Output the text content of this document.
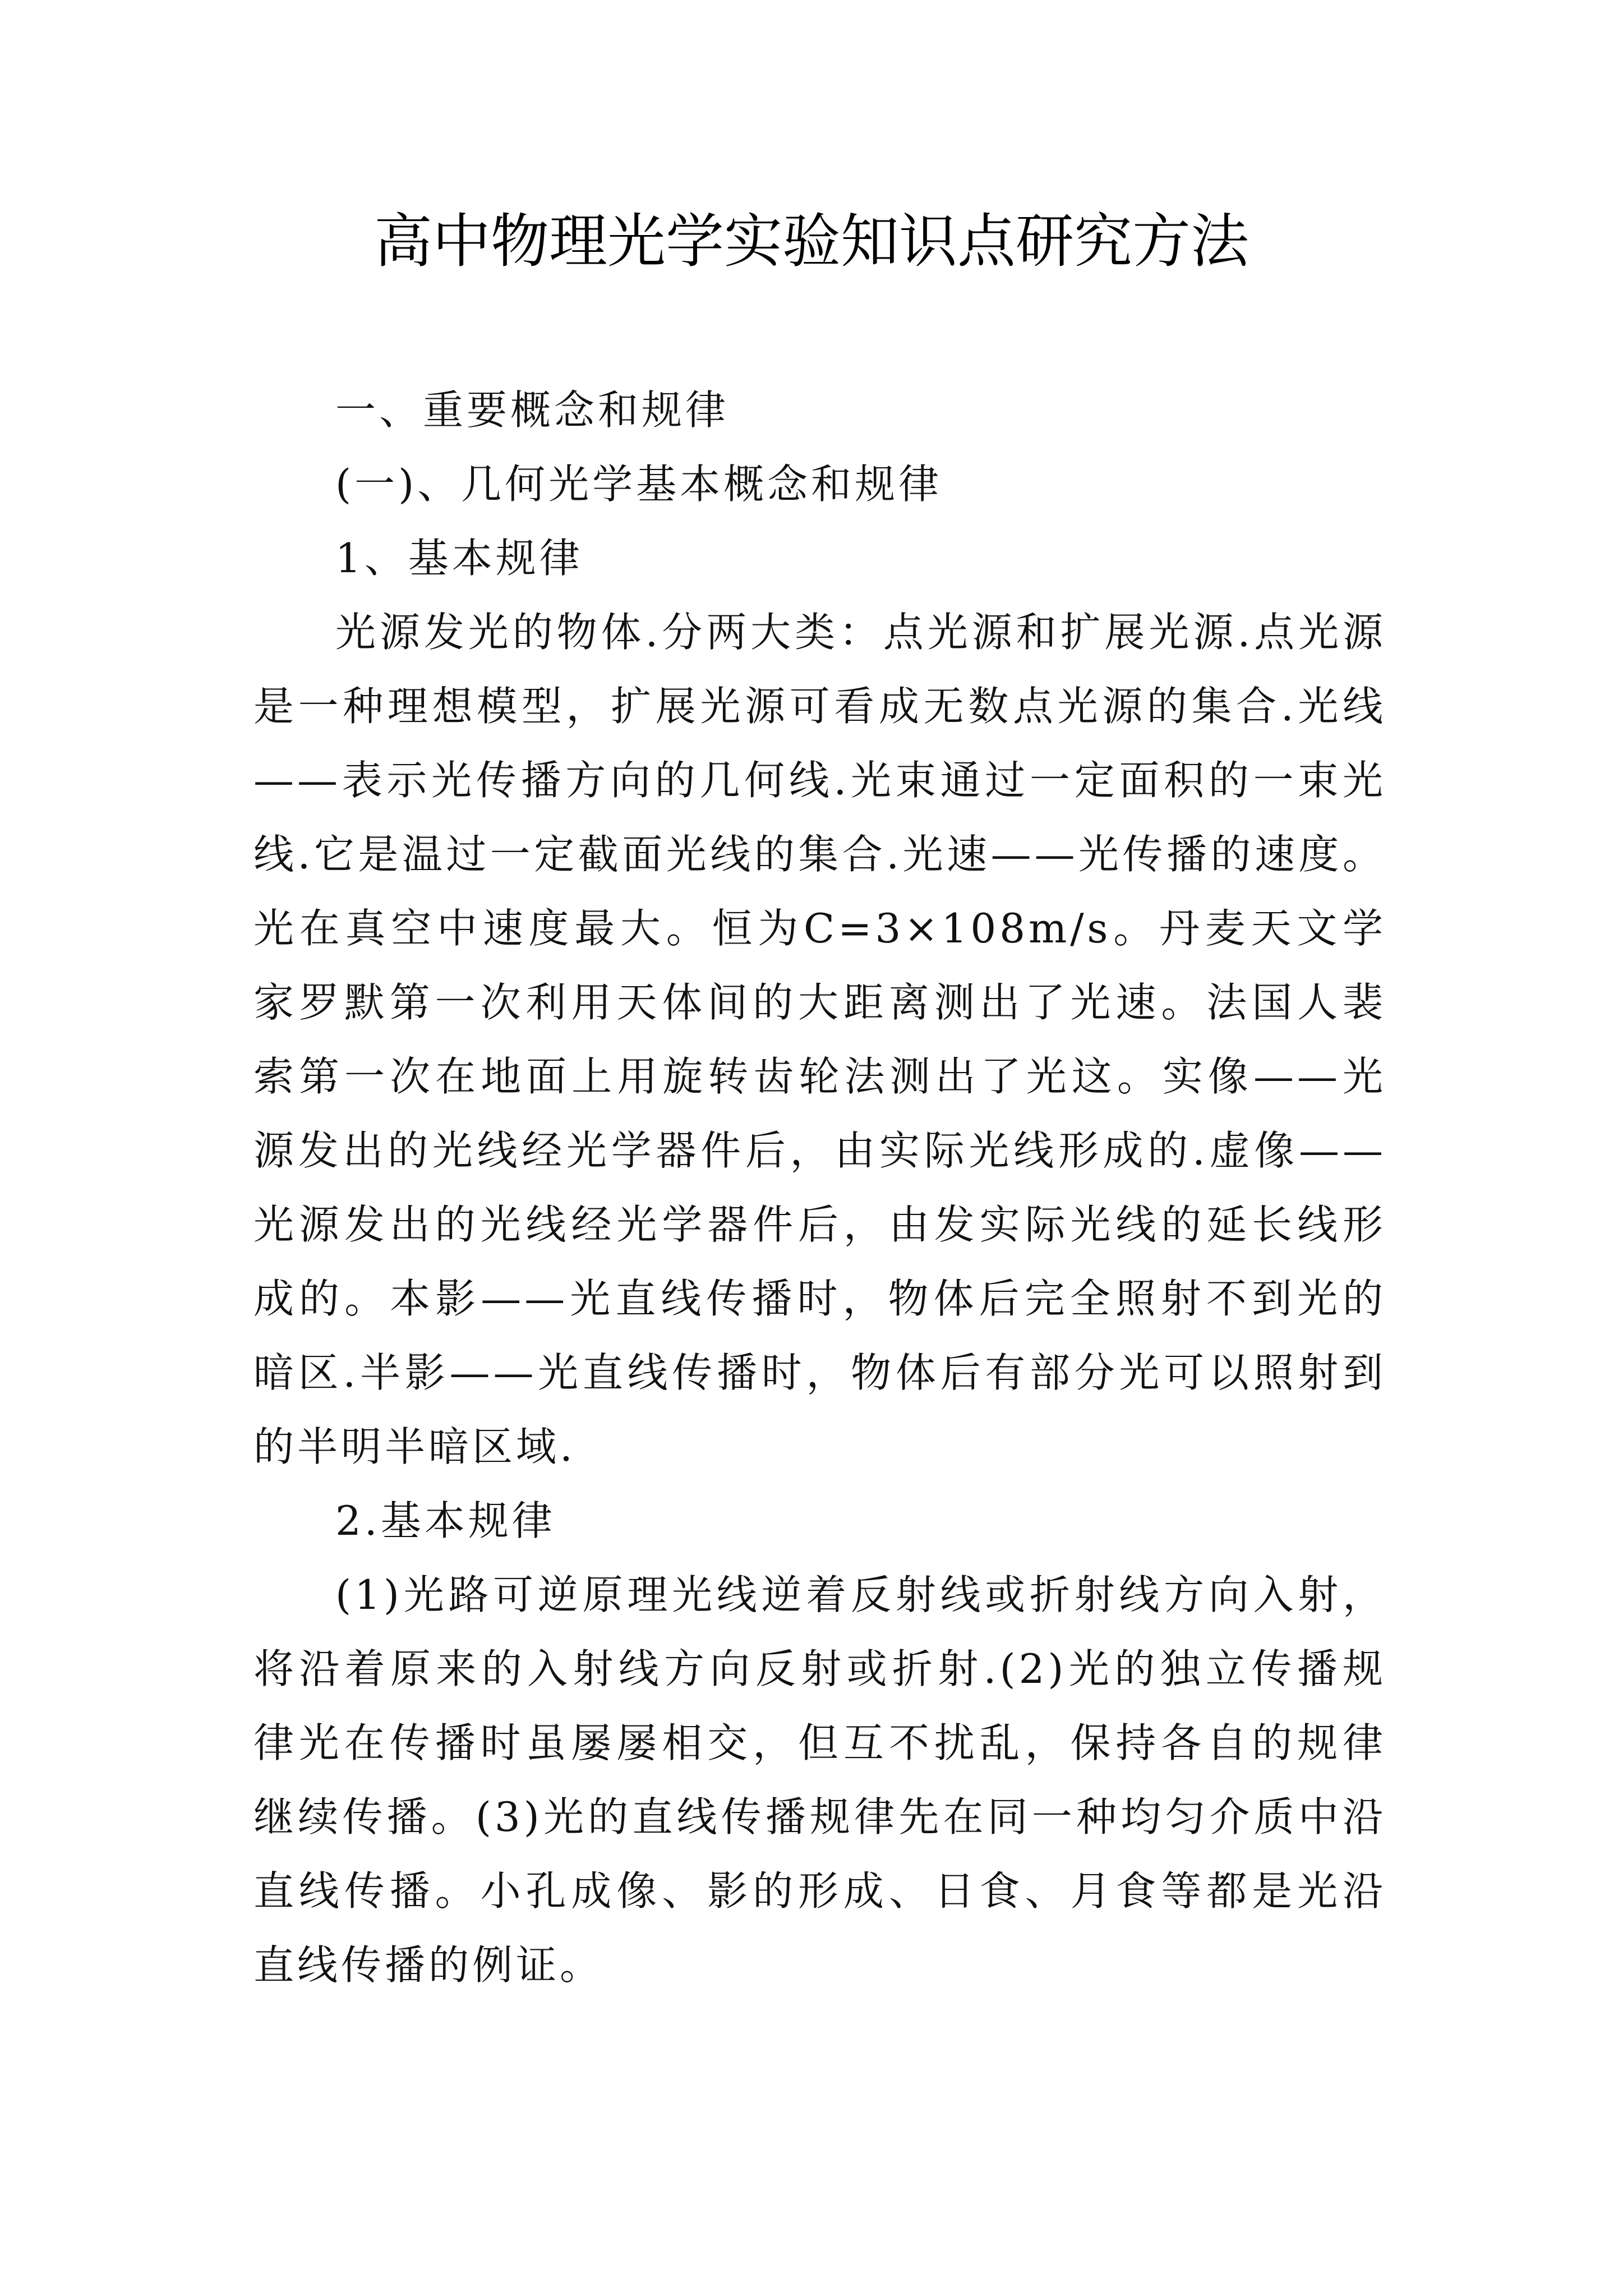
高中物理光学实验知识点研究方法

一、重要概念和规律

(一)、几何光学基本概念和规律

1、基本规律

光源发光的物体.分两大类：点光源和扩展光源.点光源是一种理想模型，扩展光源可看成无数点光源的集合.光线——表示光传播方向的几何线.光束通过一定面积的一束光线.它是温过一定截面光线的集合.光速——光传播的速度。光在真空中速度最大。恒为C=3×108m/s。丹麦天文学家罗默第一次利用天体间的大距离测出了光速。法国人裴索第一次在地面上用旋转齿轮法测出了光这。实像——光源发出的光线经光学器件后，由实际光线形成的.虚像——光源发出的光线经光学器件后，由发实际光线的延长线形成的。本影——光直线传播时，物体后完全照射不到光的暗区.半影——光直线传播时，物体后有部分光可以照射到的半明半暗区域.

2.基本规律

(1)光路可逆原理光线逆着反射线或折射线方向入射，将沿着原来的入射线方向反射或折射.(2)光的独立传播规律光在传播时虽屡屡相交，但互不扰乱，保持各自的规律继续传播。(3)光的直线传播规律先在同一种均匀介质中沿直线传播。小孔成像、影的形成、日食、月食等都是光沿直线传播的例证。
